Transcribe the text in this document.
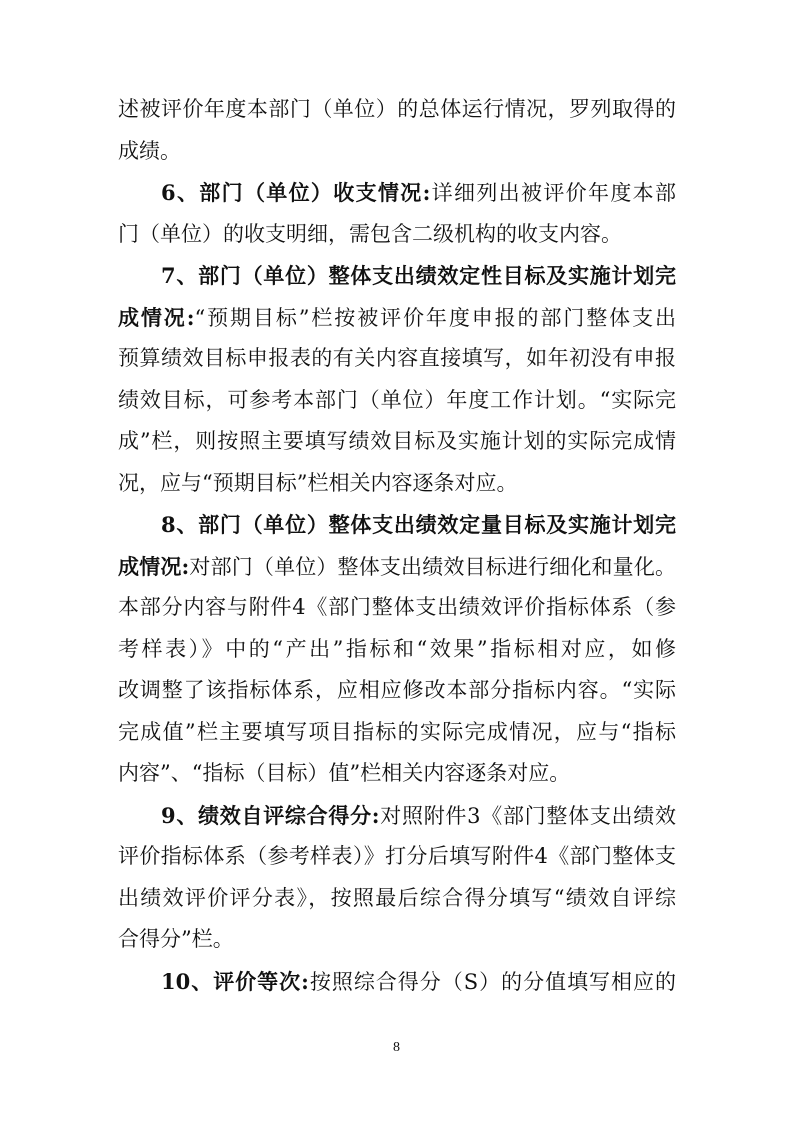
述被评价年度本部门（单位）的总体运行情况，罗列取得的
成绩。
6、部门（单位）收支情况:详细列出被评价年度本部
门（单位）的收支明细，需包含二级机构的收支内容。
7、部门（单位）整体支出绩效定性目标及实施计划完
成情况:“预期目标”栏按被评价年度申报的部门整体支出
预算绩效目标申报表的有关内容直接填写，如年初没有申报
绩效目标，可参考本部门（单位）年度工作计划。“实际完
成”栏，则按照主要填写绩效目标及实施计划的实际完成情
况，应与“预期目标”栏相关内容逐条对应。
8、部门（单位）整体支出绩效定量目标及实施计划完
成情况:对部门（单位）整体支出绩效目标进行细化和量化。
本部分内容与附件4《部门整体支出绩效评价指标体系（参
考样表）》中的“产出”指标和“效果”指标相对应，如修
改调整了该指标体系，应相应修改本部分指标内容。“实际
完成值”栏主要填写项目指标的实际完成情况，应与“指标
内容”、“指标（目标）值”栏相关内容逐条对应。
9、绩效自评综合得分:对照附件3《部门整体支出绩效
评价指标体系（参考样表）》打分后填写附件4《部门整体支
出绩效评价评分表》，按照最后综合得分填写“绩效自评综
合得分”栏。
10、评价等次:按照综合得分（S）的分值填写相应的
8
